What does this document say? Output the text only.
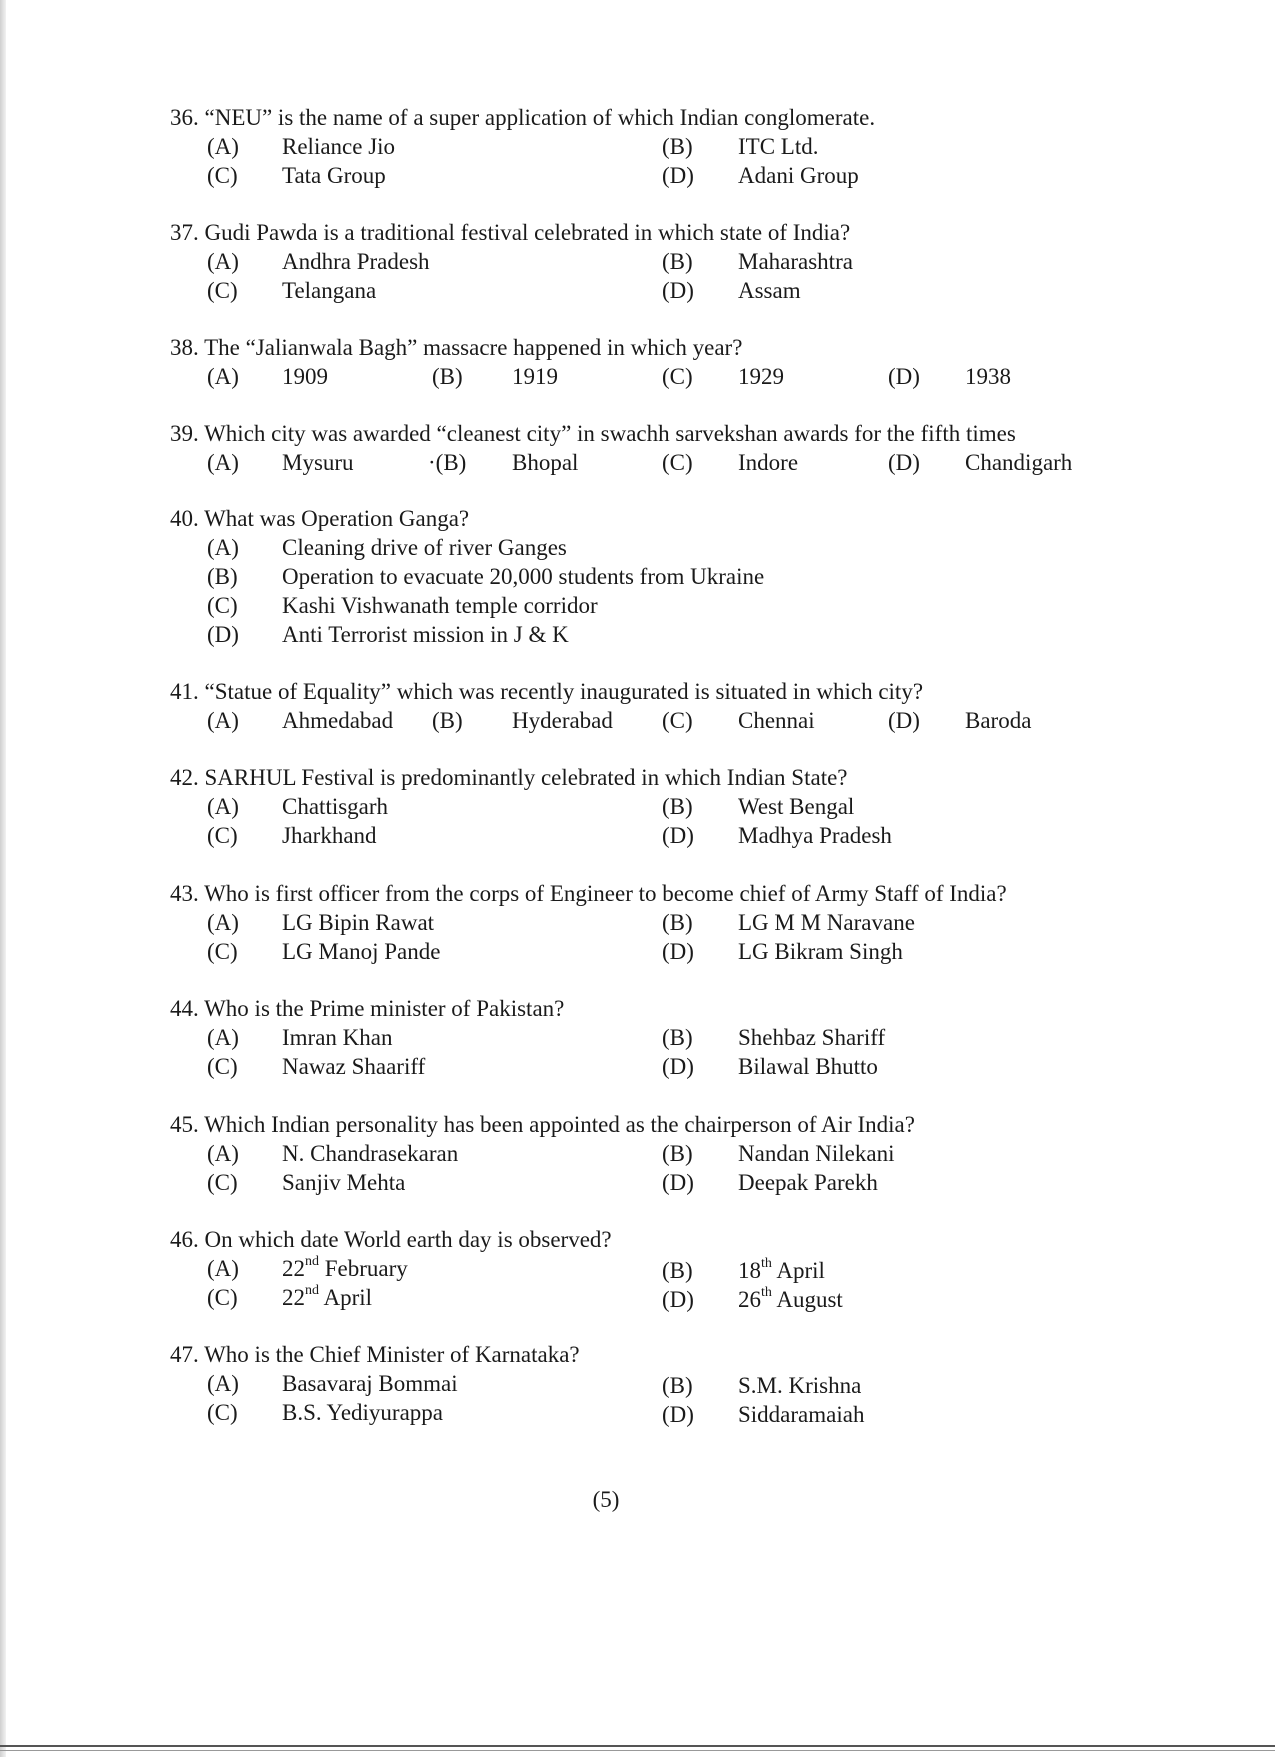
36. “NEU” is the name of a super application of which Indian conglomerate.
(A) Reliance Jio	(B) ITC Ltd.
(C) Tata Group	(D) Adani Group
37. Gudi Pawda is a traditional festival celebrated in which state of India?
(A) Andhra Pradesh	(B) Maharashtra
(C) Telangana	(D) Assam
38. The “Jalianwala Bagh” massacre happened in which year?
(A) 1909	(B) 1919	(C) 1929	(D) 1938
39. Which city was awarded “cleanest city” in swachh sarvekshan awards for the fifth times
(A) Mysuru	·(B) Bhopal	(C) Indore	(D) Chandigarh
40. What was Operation Ganga?
(A) Cleaning drive of river Ganges
(B) Operation to evacuate 20,000 students from Ukraine
(C) Kashi Vishwanath temple corridor
(D) Anti Terrorist mission in J & K
41. “Statue of Equality” which was recently inaugurated is situated in which city?
(A) Ahmedabad (B) Hyderabad (C) Chennai	(D) Baroda
42. SARHUL Festival is predominantly celebrated in which Indian State?
(A) Chattisgarh	(B) West Bengal
(C) Jharkhand	(D) Madhya Pradesh
43. Who is first officer from the corps of Engineer to become chief of Army Staff of India?
(A) LG Bipin Rawat	(B) LG M M Naravane
(C) LG Manoj Pande	(D) LG Bikram Singh
44. Who is the Prime minister of Pakistan?
(A) Imran Khan	(B) Shehbaz Shariff
(C) Nawaz Shaariff	(D) Bilawal Bhutto
45. Which Indian personality has been appointed as the chairperson of Air India?
(A) N. Chandrasekaran	(B) Nandan Nilekani
(C) Sanjiv Mehta	(D) Deepak Parekh
46. On which date World earth day is observed?
(A) 22nd February	(B) 18th April
(C) 22nd April	(D) 26th August
47. Who is the Chief Minister of Karnataka?
(A) Basavaraj Bommai	(B) S.M. Krishna
(C) B.S. Yediyurappa	(D) Siddaramaiah
(5)
